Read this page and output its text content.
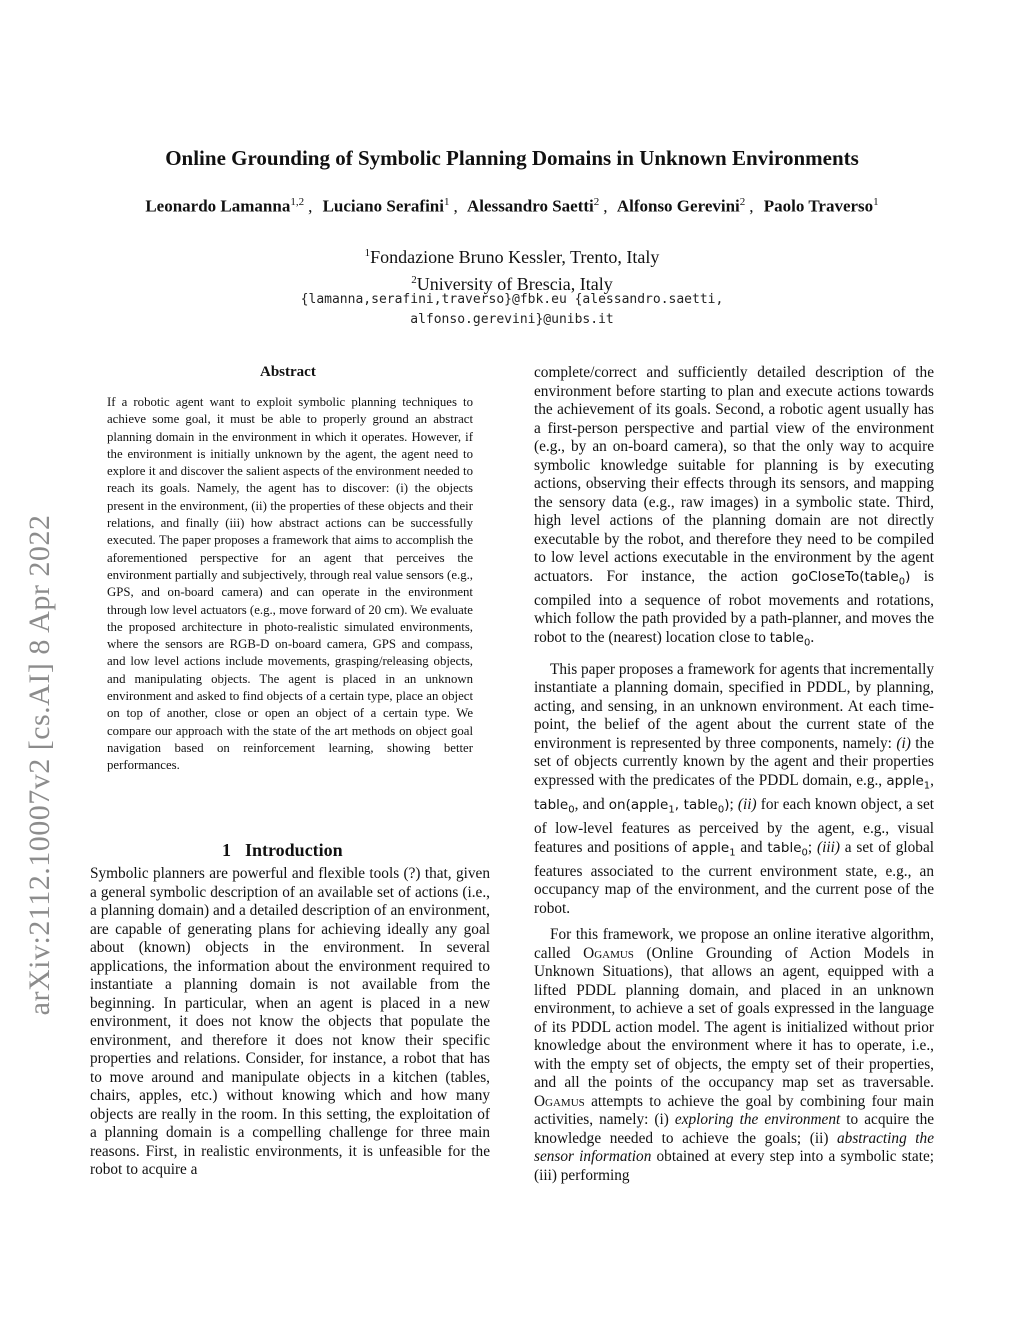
arXiv:2112.10007v2 [cs.AI] 8 Apr 2022
Online Grounding of Symbolic Planning Domains in Unknown Environments
Leonardo Lamanna$^{1,2}$ , Luciano Serafini$^1$ , Alessandro Saetti$^2$ , Alfonso Gerevini$^2$ , Paolo Traverso$^1$
$^1$Fondazione Bruno Kessler, Trento, Italy
$^2$University of Brescia, Italy
{lamanna,serafini,traverso}@fbk.eu {alessandro.saetti,
alfonso.gerevini}@unibs.it
Abstract
If a robotic agent want to exploit symbolic planning techniques to achieve some goal, it must be able to properly ground an abstract planning domain in the environment in which it operates. However, if the environment is initially unknown by the agent, the agent need to explore it and discover the salient aspects of the environment needed to reach its goals. Namely, the agent has to discover: (i) the objects present in the environment, (ii) the properties of these objects and their relations, and finally (iii) how abstract actions can be successfully executed. The paper proposes a framework that aims to accomplish the aforementioned perspective for an agent that perceives the environment partially and subjectively, through real value sensors (e.g., GPS, and on-board camera) and can operate in the environment through low level actuators (e.g., move forward of 20 cm). We evaluate the proposed architecture in photo-realistic simulated environments, where the sensors are RGB-D on-board camera, GPS and compass, and low level actions include movements, grasping/releasing objects, and manipulating objects. The agent is placed in an unknown environment and asked to find objects of a certain type, place an object on top of another, close or open an object of a certain type. We compare our approach with the state of the art methods on object goal navigation based on reinforcement learning, showing better performances.
1 Introduction
Symbolic planners are powerful and flexible tools (?) that, given a general symbolic description of an available set of actions (i.e., a planning domain) and a detailed description of an environment, are capable of generating plans for achieving ideally any goal about (known) objects in the environment. In several applications, the information about the environment required to instantiate a planning domain is not available from the beginning. In particular, when an agent is placed in a new environment, it does not know the objects that populate the environment, and therefore it does not know their specific properties and relations. Consider, for instance, a robot that has to move around and manipulate objects in a kitchen (tables, chairs, apples, etc.) without knowing which and how many objects are really in the room. In this setting, the exploitation of a planning domain is a compelling challenge for three main reasons. First, in realistic environments, it is unfeasible for the robot to acquire a

complete/correct and sufficiently detailed description of the environment before starting to plan and execute actions towards the achievement of its goals. Second, a robotic agent usually has a first-person perspective and partial view of the environment (e.g., by an on-board camera), so that the only way to acquire symbolic knowledge suitable for planning is by executing actions, observing their effects through its sensors, and mapping the sensory data (e.g., raw images) in a symbolic state. Third, high level actions of the planning domain are not directly executable by the robot, and therefore they need to be compiled to low level actions executable in the environment by the agent actuators. For instance, the action goCloseTo(table$_0$) is compiled into a sequence of robot movements and rotations, which follow the path provided by a path-planner, and moves the robot to the (nearest) location close to table$_0$.

This paper proposes a framework for agents that incrementally instantiate a planning domain, specified in PDDL, by planning, acting, and sensing, in an unknown environment. At each time-point, the belief of the agent about the current state of the environment is represented by three components, namely: (i) the set of objects currently known by the agent and their properties expressed with the predicates of the PDDL domain, e.g., apple$_1$, table$_0$, and on(apple$_1$, table$_0$); (ii) for each known object, a set of low-level features as perceived by the agent, e.g., visual features and positions of apple$_1$ and table$_0$; (iii) a set of global features associated to the current environment state, e.g., an occupancy map of the environment, and the current pose of the robot.

For this framework, we propose an online iterative algorithm, called Ogamus (Online Grounding of Action Models in Unknown Situations), that allows an agent, equipped with a lifted PDDL planning domain, and placed in an unknown environment, to achieve a set of goals expressed in the language of its PDDL action model. The agent is initialized without prior knowledge about the environment where it has to operate, i.e., with the empty set of objects, the empty set of their properties, and all the points of the occupancy map set as traversable. Ogamus attempts to achieve the goal by combining four main activities, namely: (i) exploring the environment to acquire the knowledge needed to achieve the goals; (ii) abstracting the sensor information obtained at every step into a symbolic state; (iii) performing
